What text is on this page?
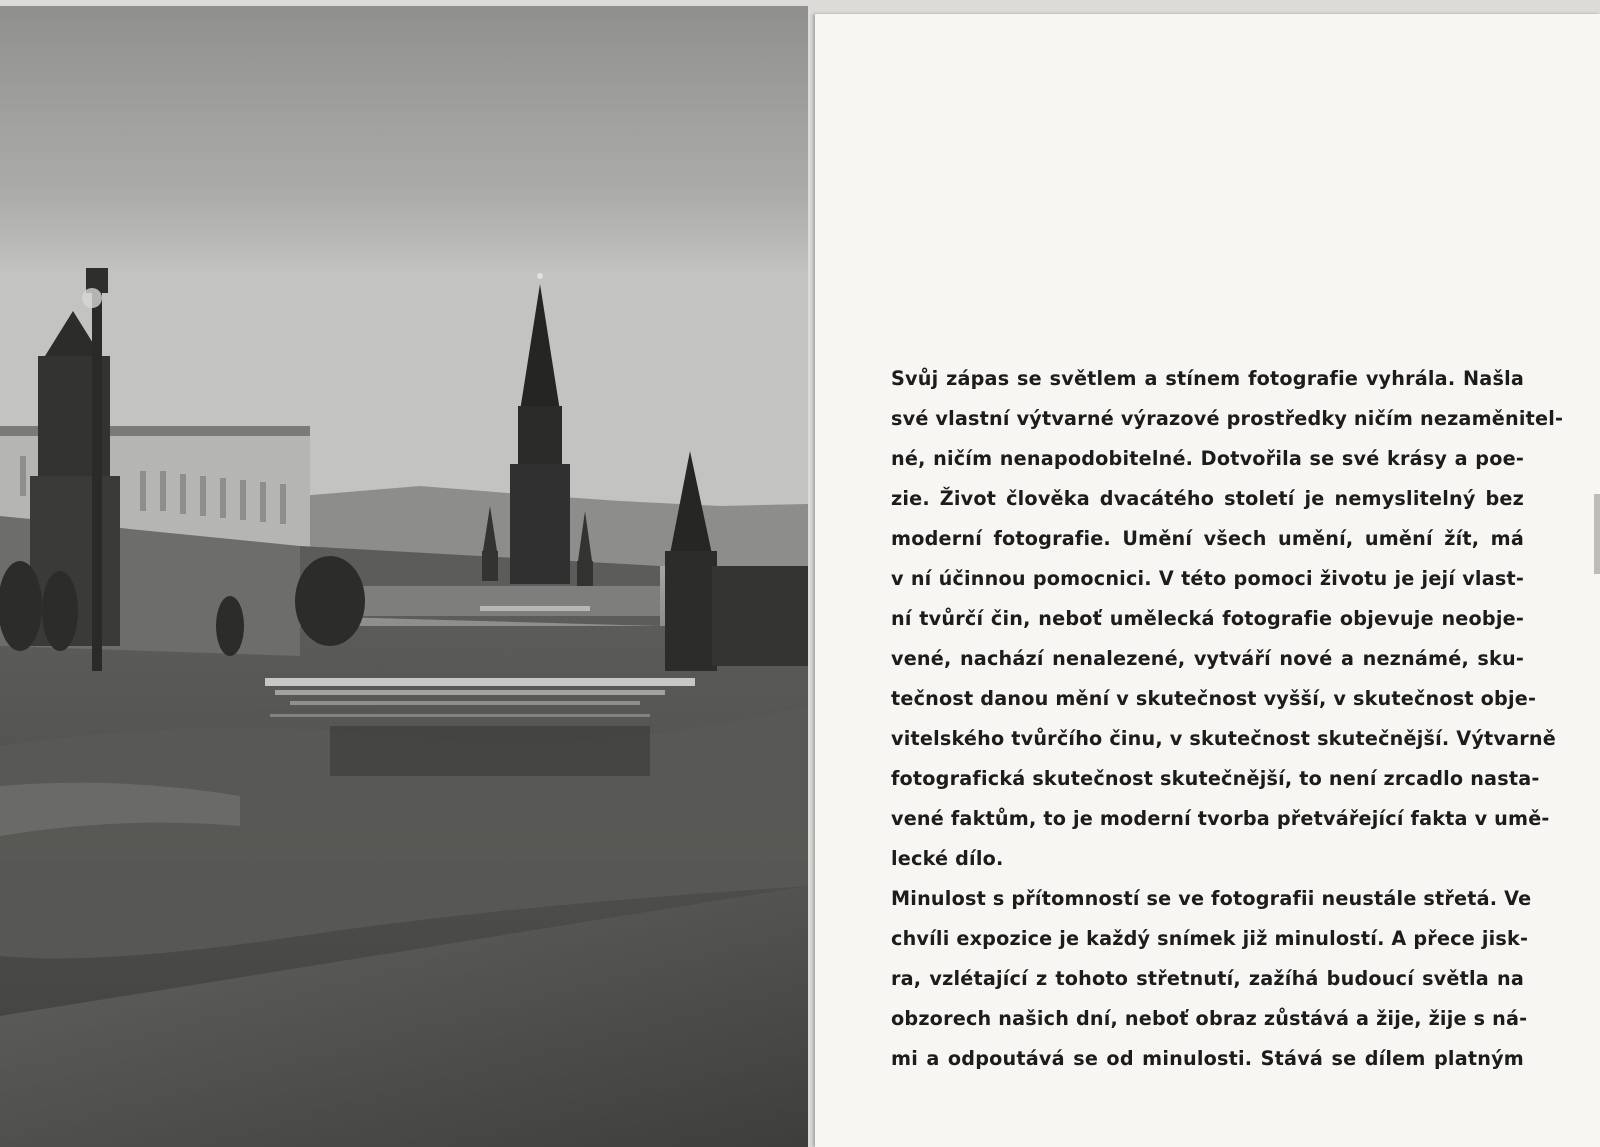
Svůj zápas se světlem a stínem fotografie vyhrála. Našla
své vlastní výtvarné výrazové prostředky ničím nezaměnitel-
né, ničím nenapodobitelné. Dotvořila se své krásy a poe-
zie. Život člověka dvacátého století je nemyslitelný bez
moderní fotografie. Umění všech umění, umění žít, má
v ní účinnou pomocnici. V této pomoci životu je její vlast-
ní tvůrčí čin, neboť umělecká fotografie objevuje neobje-
vené, nachází nenalezené, vytváří nové a neznámé, sku-
tečnost danou mění v skutečnost vyšší, v skutečnost obje-
vitelského tvůrčího činu, v skutečnost skutečnější. Výtvarně
fotografická skutečnost skutečnější, to není zrcadlo nasta-
vené faktům, to je moderní tvorba přetvářející fakta v umě-
lecké dílo.
Minulost s přítomností se ve fotografii neustále střetá. Ve
chvíli expozice je každý snímek již minulostí. A přece jisk-
ra, vzlétající z tohoto střetnutí, zažíhá budoucí světla na
obzorech našich dní, neboť obraz zůstává a žije, žije s ná-
mi a odpoutává se od minulosti. Stává se dílem platným
